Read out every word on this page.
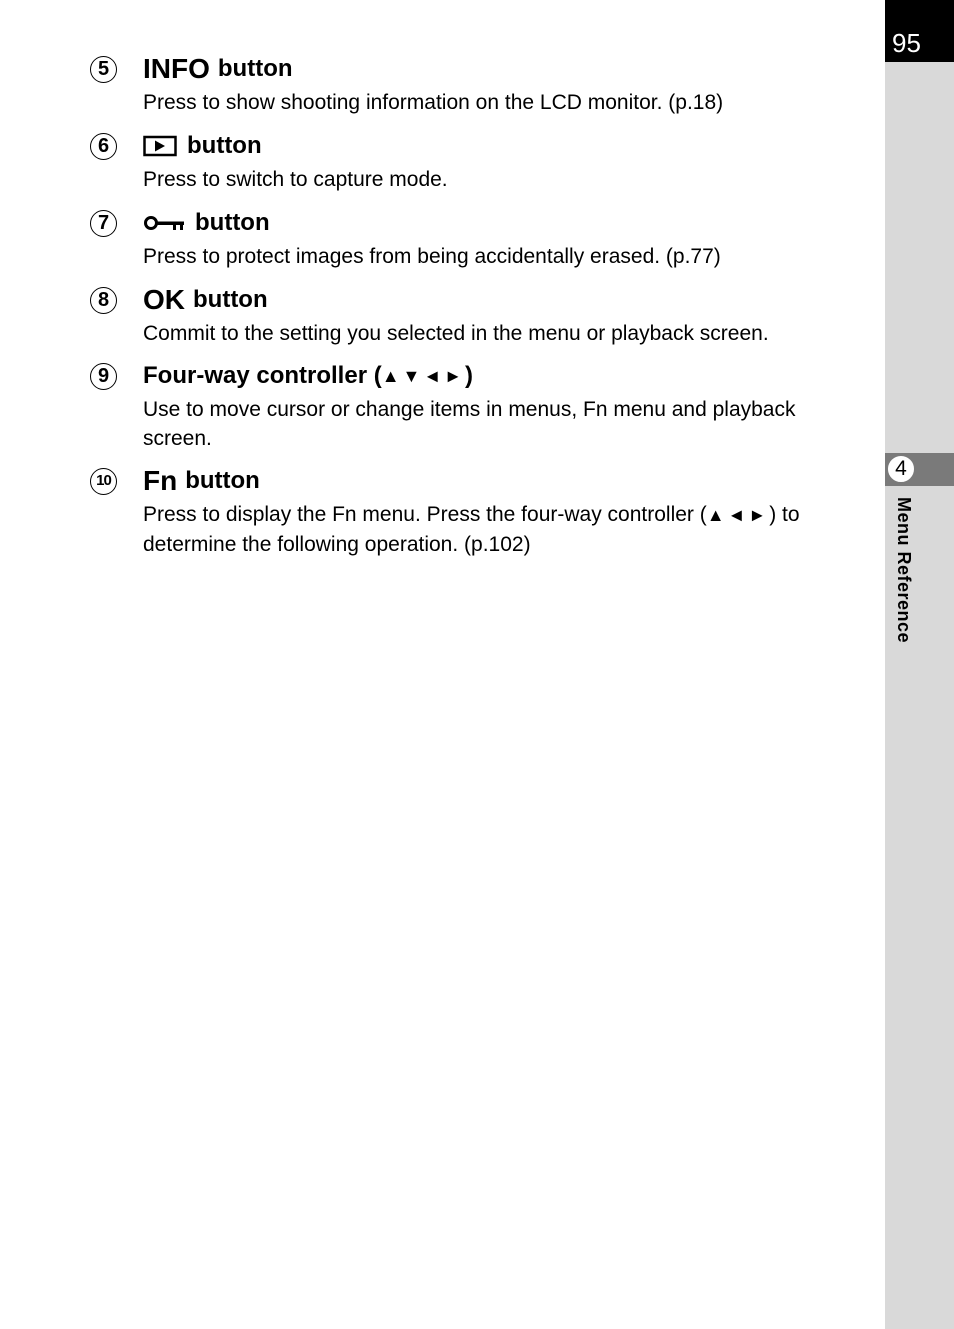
95
4
Menu Reference
5 INFO button
Press to show shooting information on the LCD monitor. (p.18)
6	button
Press to switch to capture mode.
7	button
Press to protect images from being accidentally erased. (p.77)
8 OK button
Commit to the setting you selected in the menu or playback screen.
9	Four-way controller ( ▲▼◄► )
Use to move cursor or change items in menus, Fn menu and playback screen.
10 Fn button
Press to display the Fn menu. Press the four-way controller (▲◄►) to determine the following operation. (p.102)
